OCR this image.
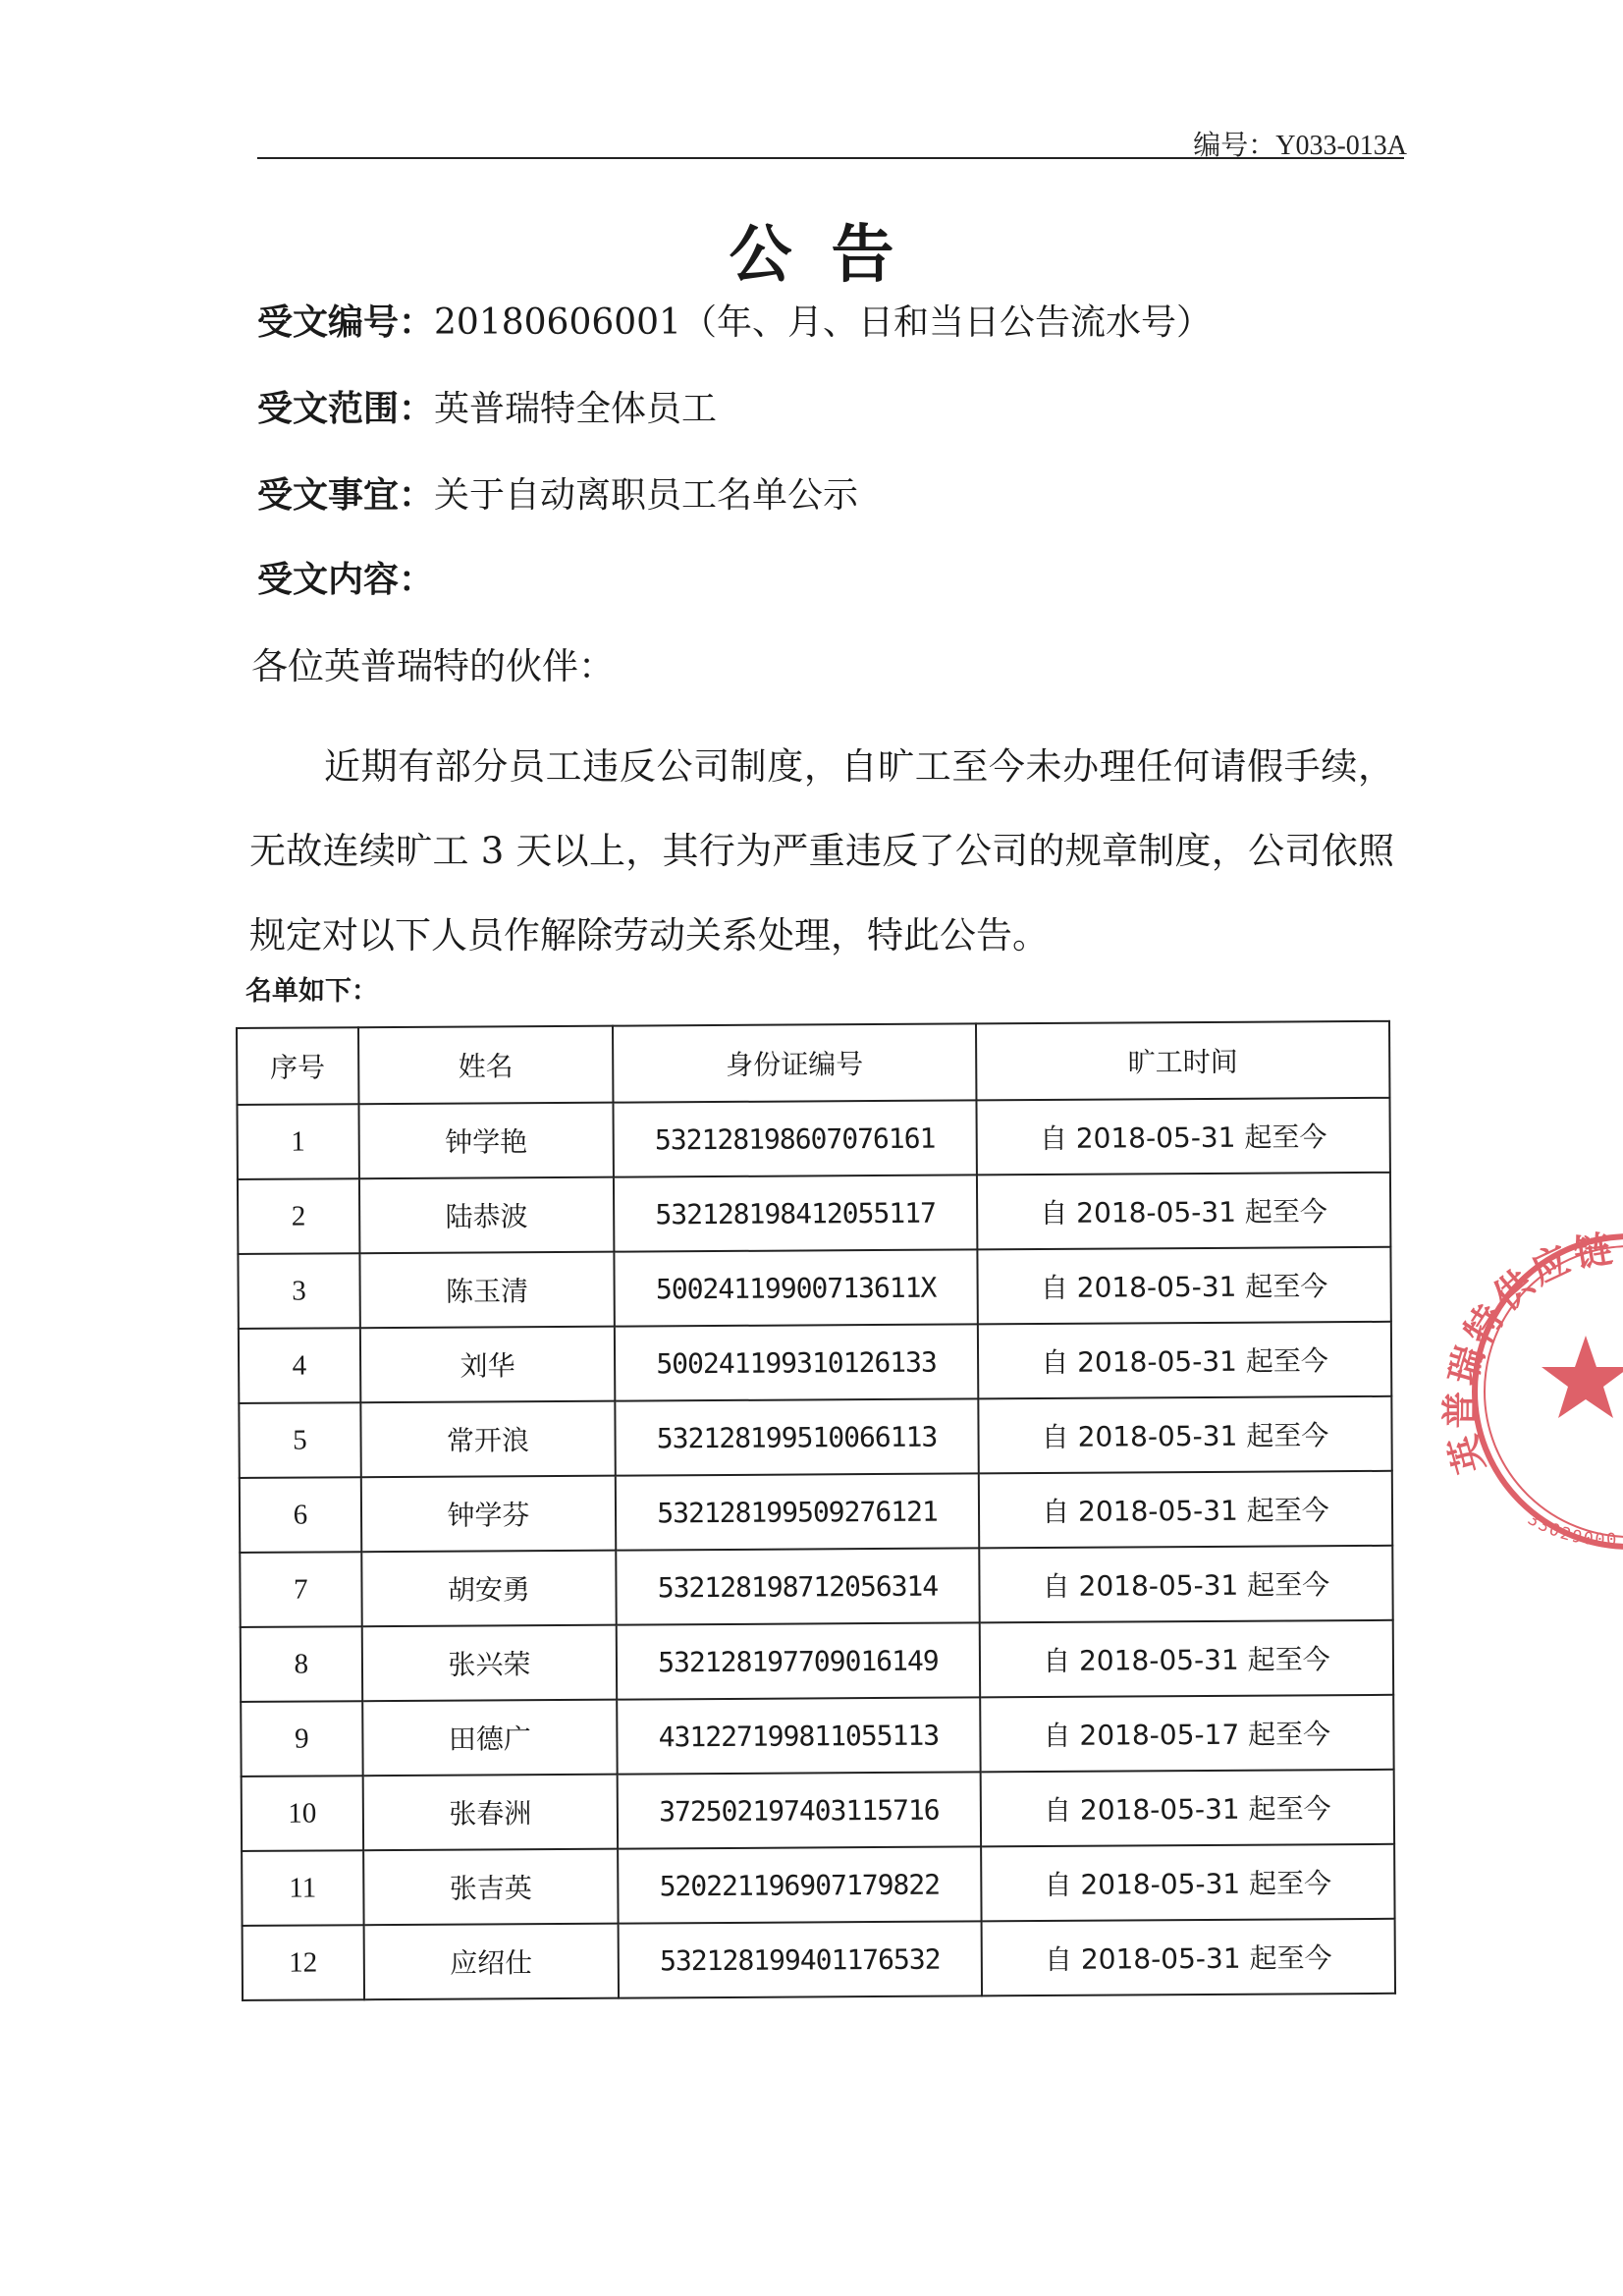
编号：Y033-013A
公告
受文编号：20180606001（年、月、日和当日公告流水号）
受文范围：英普瑞特全体员工
受文事宜：关于自动离职员工名单公示
受文内容：
各位英普瑞特的伙伴：
近期有部分员工违反公司制度，自旷工至今未办理任何请假手续，无故连续旷工 3 天以上，其行为严重违反了公司的规章制度，公司依照规定对以下人员作解除劳动关系处理，特此公告。
名单如下：
序号	姓名	身份证编号	旷工时间
1	钟学艳	532128198607076161	自 2018-05-31 起至今
2	陆恭波	532128198412055117	自 2018-05-31 起至今
3	陈玉清	50024119900713611X	自 2018-05-31 起至今
4	刘华	500241199310126133	自 2018-05-31 起至今
5	常开浪	532128199510066113	自 2018-05-31 起至今
6	钟学芬	532128199509276121	自 2018-05-31 起至今
7	胡安勇	532128198712056314	自 2018-05-31 起至今
8	张兴荣	532128197709016149	自 2018-05-31 起至今
9	田德广	431227199811055113	自 2018-05-17 起至今
10	张春洲	372502197403115716	自 2018-05-31 起至今
11	张吉英	520221196907179822	自 2018-05-31 起至今
12	应绍仕	532128199401176532	自 2018-05-31 起至今
英普瑞特供应链
33029000
